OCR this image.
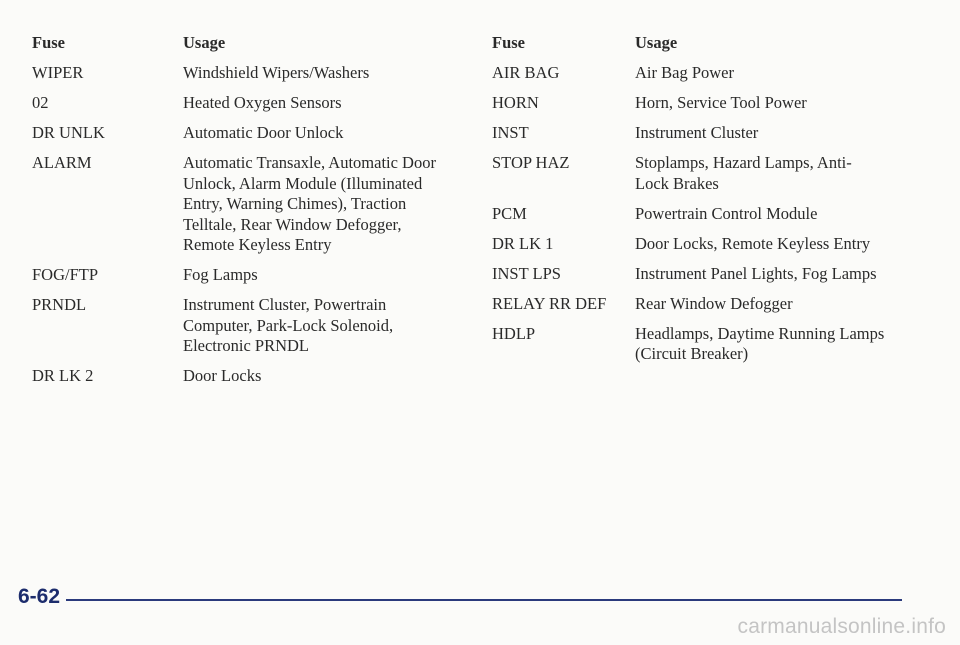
Fuse	Usage
WIPER	Windshield Wipers/Washers
02	Heated Oxygen Sensors
DR UNLK	Automatic Door Unlock
ALARM	Automatic Transaxle, Automatic Door Unlock, Alarm Module (Illuminated Entry, Warning Chimes), Traction Telltale, Rear Window Defogger, Remote Keyless Entry
FOG/FTP	Fog Lamps
PRNDL	Instrument Cluster, Powertrain Computer, Park-Lock Solenoid, Electronic PRNDL
DR LK 2	Door Locks
Fuse	Usage
AIR BAG	Air Bag Power
HORN	Horn, Service Tool Power
INST	Instrument Cluster
STOP HAZ	Stoplamps, Hazard Lamps, Anti-Lock Brakes
PCM	Powertrain Control Module
DR LK 1	Door Locks, Remote Keyless Entry
INST LPS	Instrument Panel Lights, Fog Lamps
RELAY RR DEF	Rear Window Defogger
HDLP	Headlamps, Daytime Running Lamps (Circuit Breaker)
6-62
carmanualsonline.info
